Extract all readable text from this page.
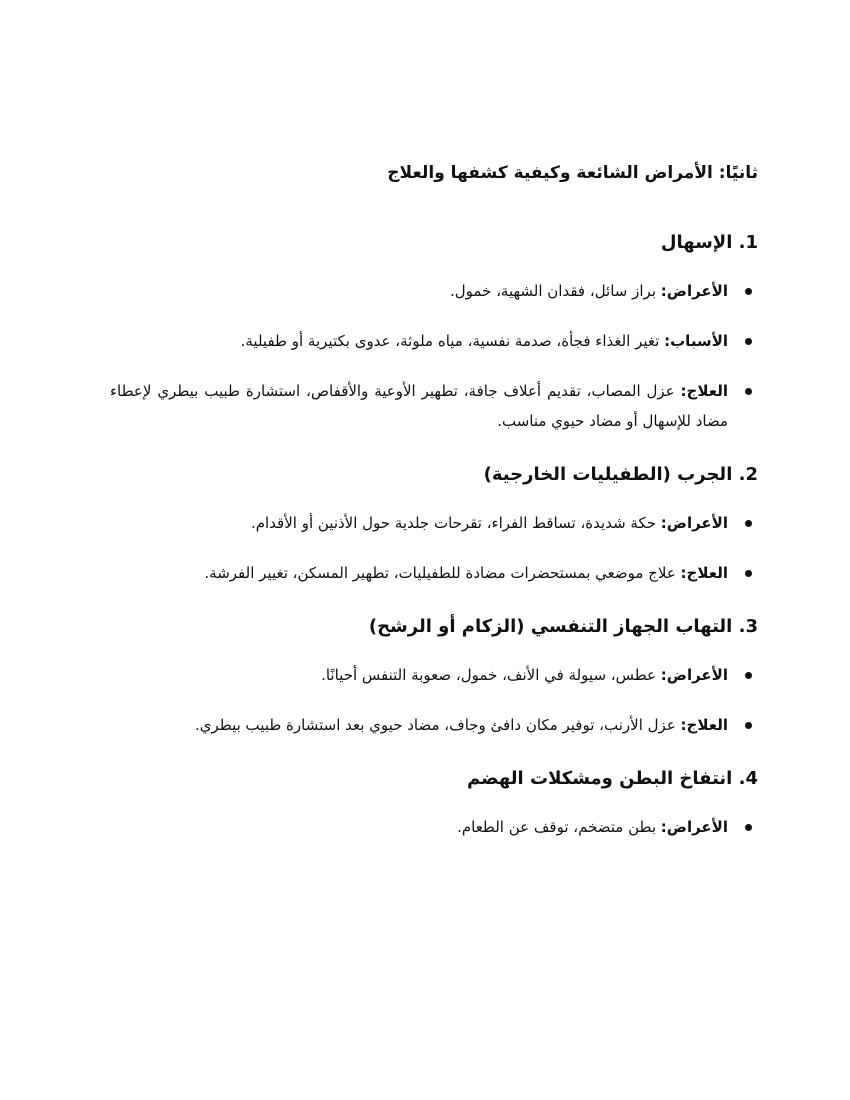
ثانيًا: الأمراض الشائعة وكيفية كشفها والعلاج
1. الإسهال
الأعراض: براز سائل، فقدان الشهية، خمول.
الأسباب: تغير الغذاء فجأة، صدمة نفسية، مياه ملوثة، عدوى بكتيرية أو طفيلية.
العلاج: عزل المصاب، تقديم أعلاف جافة، تطهير الأوعية والأقفاص، استشارة طبيب بيطري لإعطاء مضاد للإسهال أو مضاد حيوي مناسب.
2. الجرب (الطفيليات الخارجية)
الأعراض: حكة شديدة، تساقط الفراء، تقرحات جلدية حول الأذنين أو الأقدام.
العلاج: علاج موضعي بمستحضرات مضادة للطفيليات، تطهير المسكن، تغيير الفرشة.
3. التهاب الجهاز التنفسي (الزكام أو الرشح)
الأعراض: عطس، سيولة في الأنف، خمول، صعوبة التنفس أحيانًا.
العلاج: عزل الأرنب، توفير مكان دافئ وجاف، مضاد حيوي بعد استشارة طبيب بيطري.
4. انتفاخ البطن ومشكلات الهضم
الأعراض: بطن متضخم، توقف عن الطعام.
